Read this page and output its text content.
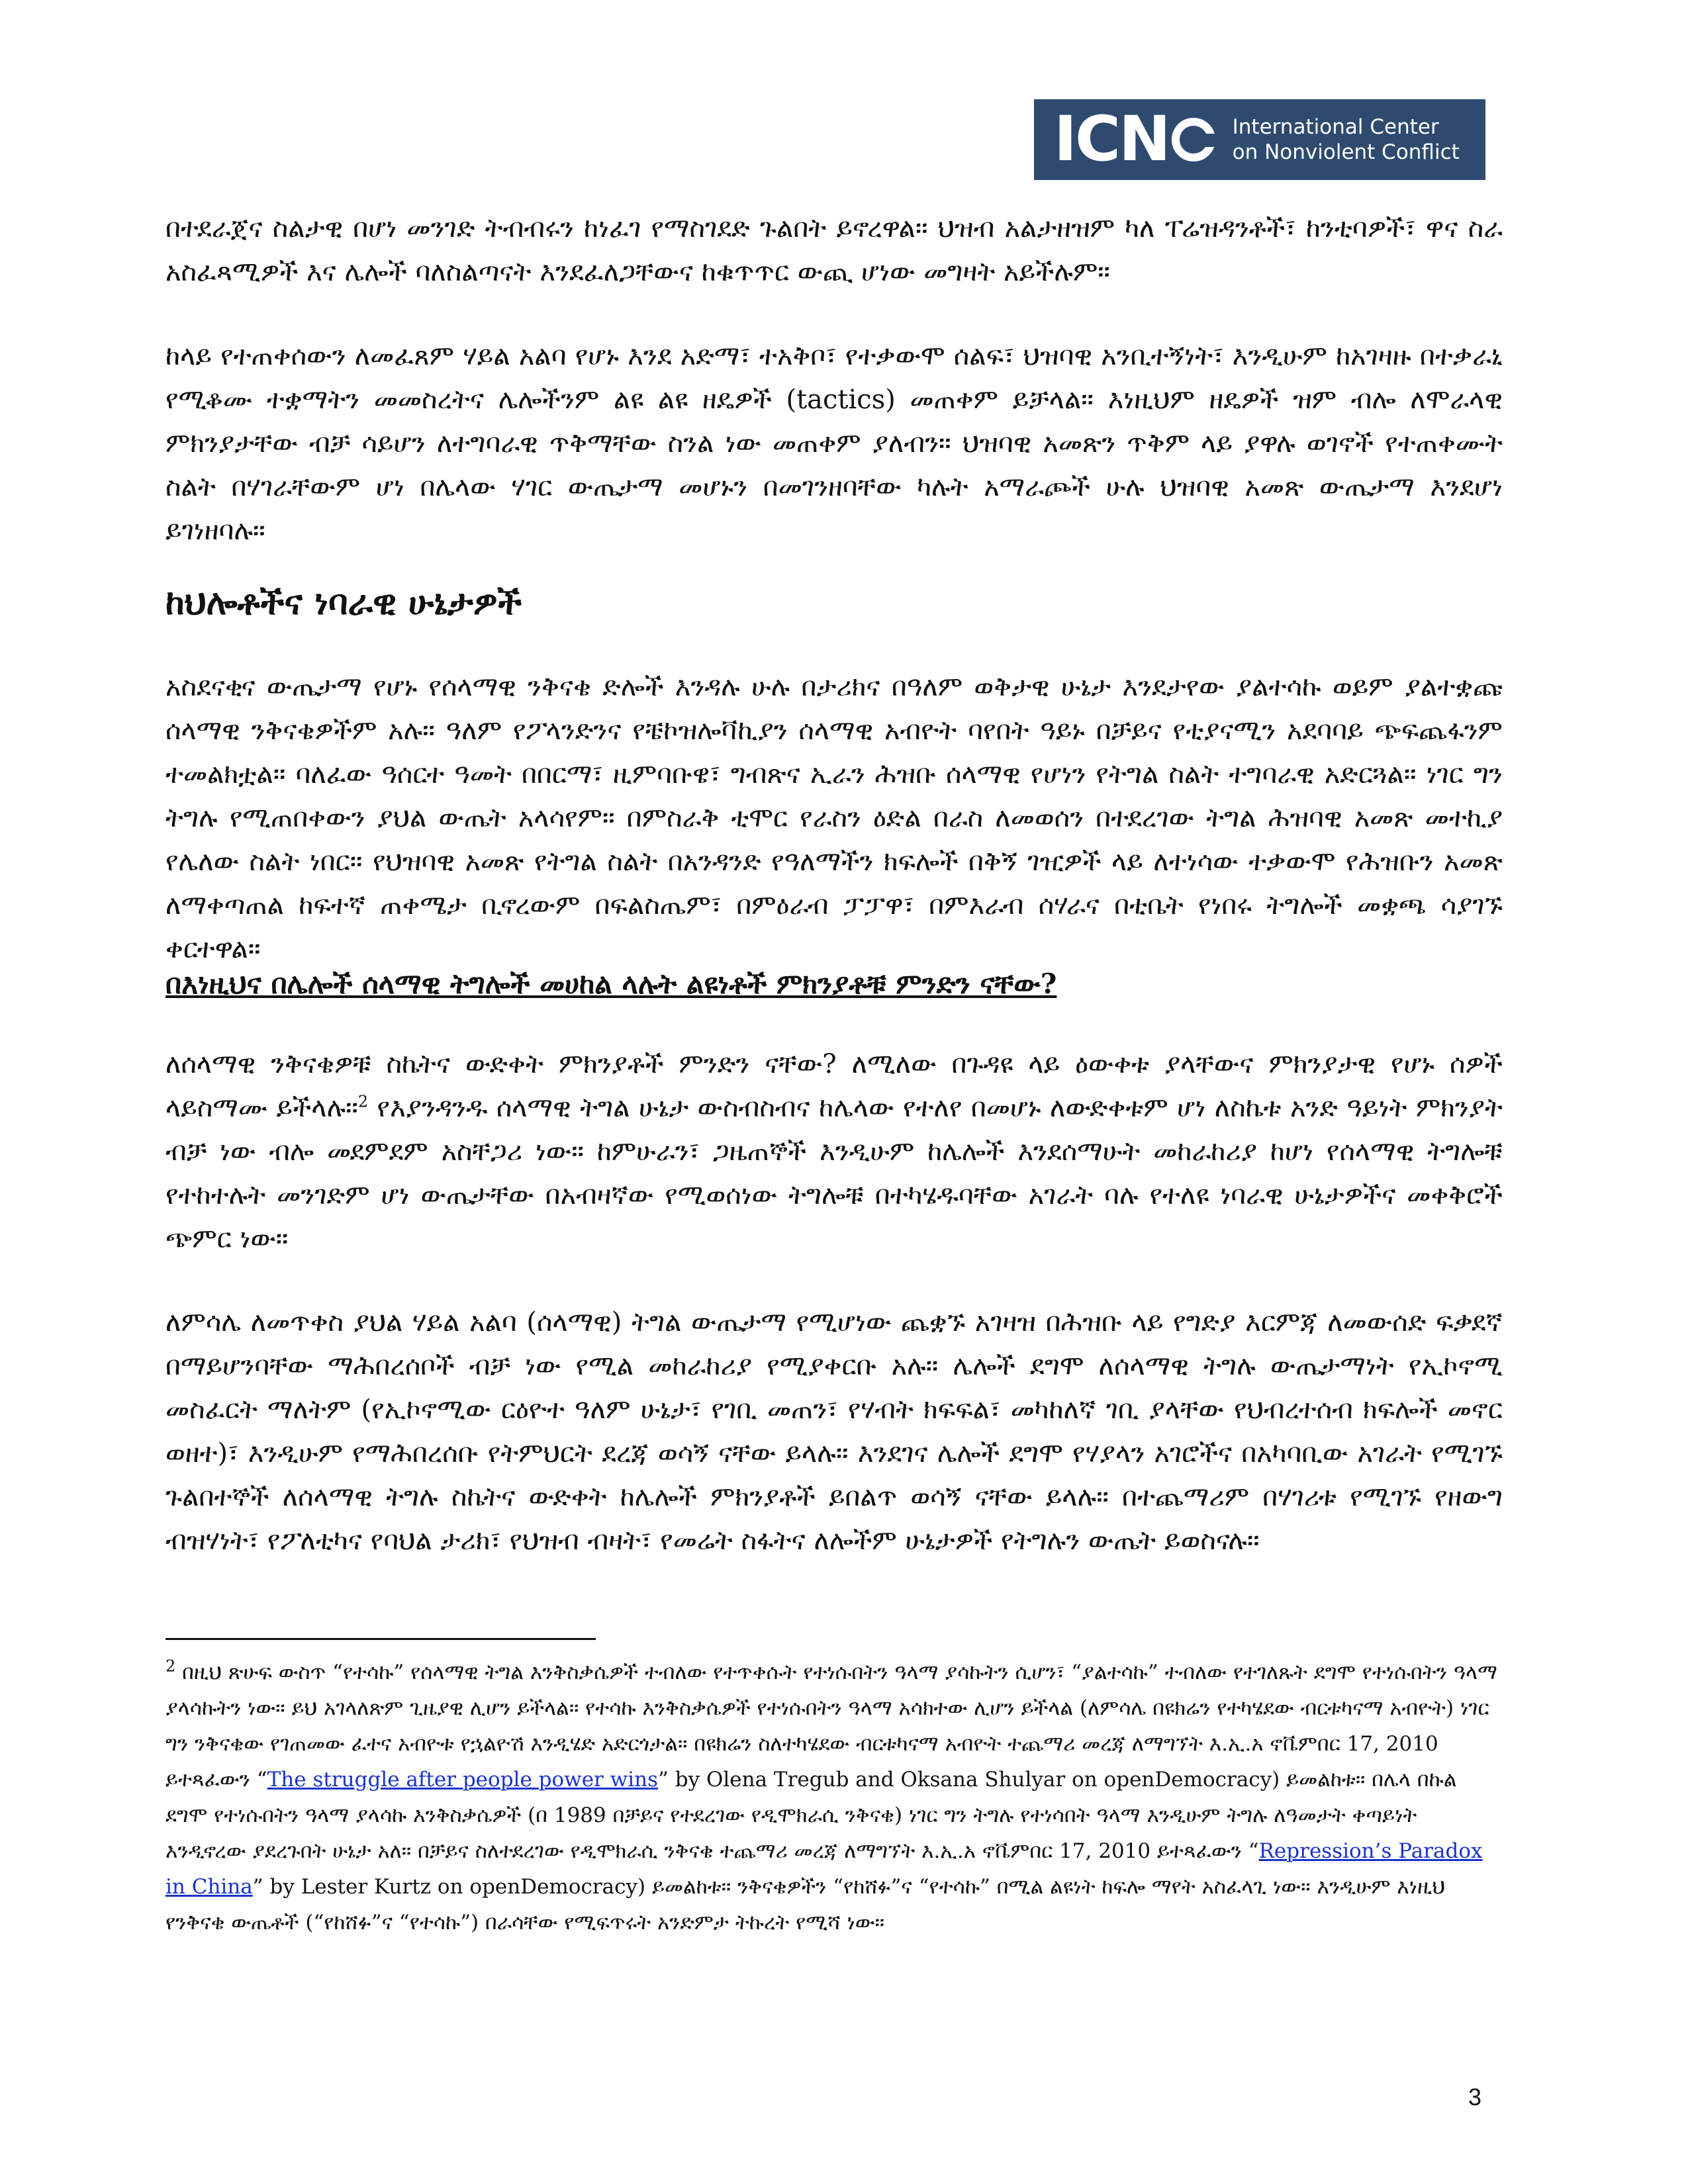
IC N	International Center
on Nonviolent Conflict

በተደራጀና ስልታዊ በሆነ መንገድ ትብብሩን ከነፈገ የማስገደድ ጉልበት ይኖረዋል። ህዝብ አልታዘዝም ካለ ፐሬዝዳንቶች፣ ከንቲባዎች፣ ዋና ስራ አስፈጻሚዎች እና ሌሎች ባለስልጣናት እንደፈለጋቸውና ከቁጥጥር ውጪ ሆነው መግዛት አይችሉም።

ከላይ የተጠቀሰውን ለመፈጸም ሃይል አልባ የሆኑ እንደ አድማ፣ ተአቅቦ፣ የተቃውሞ ሰልፍ፣ ህዝባዊ አንቢተኝነት፣ እንዲሁም ከአገዛዙ በተቃራኒ የሚቆሙ ተቋማትን መመስረትና ሌሎችንም ልዩ ልዩ ዘዴዎች (tactics) መጠቀም ይቻላል። እነዚህም ዘዴዎች ዝም ብሎ ለሞራላዊ ምክንያታቸው ብቻ ሳይሆን ለተግባራዊ ጥቅማቸው ስንል ነው መጠቀም ያለብን። ህዝባዊ አመጽን ጥቅም ላይ ያዋሉ ወገኖች የተጠቀሙት ስልት በሃገራቸውም ሆነ በሌላው ሃገር ውጤታማ መሆኑን በመገንዘባቸው ካሉት አማራጮች ሁሉ ህዝባዊ አመጽ ውጤታማ እንደሆነ ይገነዘባሉ።

ከህሎቶችና ነባራዊ ሁኔታዎች

አስደናቂና ውጤታማ የሆኑ የሰላማዊ ንቅናቄ ድሎች እንዳሉ ሁሉ በታሪክና በዓለም ወቅታዊ ሁኔታ እንደታየው ያልተሳኩ ወይም ያልተቋጩ ሰላማዊ ንቅናቄዎችም አሉ። ዓለም የፖላንድንና የቼኮዝሎቫኪያን ሰላማዊ አብዮት ባየበት ዓይኑ በቻይና የቲያናሚን አደባባይ ጭፍጨፋንም ተመልክቷል። ባለፈው ዓሰርተ ዓመት በበርማ፣ ዚምባቡዌ፣ ግብጽና ኢራን ሕዝቡ ሰላማዊ የሆነን የትግል ስልት ተግባራዊ አድርጓል። ነገር ግን ትግሉ የሚጠበቀውን ያህል ውጤት አላሳየም። በምስራቅ ቲሞር የራስን ዕድል በራስ ለመወሰን በተደረገው ትግል ሕዝባዊ አመጽ መተኪያ የሌለው ስልት ነበር። የህዝባዊ አመጽ የትግል ስልት በአንዳንድ የዓለማችን ክፍሎች በቅኝ ገዢዎች ላይ ለተነሳው ተቃውሞ የሕዝቡን አመጽ ለማቀጣጠል ከፍተኛ ጠቀሜታ ቢኖረውም በፍልስጤም፣ በምዕራብ ፓፓዋ፣ በምእራብ ሰሃራና በቲቤት የነበሩ ትግሎች መቋጫ ሳያገኙ ቀርተዋል።

በእነዚህና በሌሎች ሰላማዊ ትግሎች መሀከል ላሉት ልዩነቶች ምክንያቶቹ ምንድን ናቸው?

ለሰላማዊ ንቅናቄዎቹ ስኬትና ውድቀት ምክንያቶች ምንድን ናቸው? ለሚለው በጉዳዩ ላይ ዕውቀቱ ያላቸውና ምክንያታዊ የሆኑ ሰዎች ላይስማሙ ይችላሉ።$^2$ የእያንዳንዱ ሰላማዊ ትግል ሁኔታ ውስብስብና ከሌላው የተለየ በመሆኑ ለውድቀቱም ሆነ ለስኬቱ አንድ ዓይነት ምክንያት ብቻ ነው ብሎ መደምደም አስቸጋሪ ነው። ከምሁራን፣ ጋዜጠኞች እንዲሁም ከሌሎች እንደሰማሁት መከራከሪያ ከሆነ የሰላማዊ ትግሎቹ የተከተሉት መንገድም ሆነ ውጤታቸው በአብዛኛው የሚወሰነው ትግሎቹ በተካሄዱባቸው አገራት ባሉ የተለዩ ነባራዊ ሁኔታዎችና መቀቅሮች ጭምር ነው።

ለምሳሌ ለመጥቀስ ያህል ሃይል አልባ (ሰላማዊ) ትግል ውጤታማ የሚሆነው ጨቋኙ አገዛዝ በሕዝቡ ላይ የግድያ እርምጃ ለመውሰድ ፍቃደኛ በማይሆንባቸው ማሕበረሰቦች ብቻ ነው የሚል መከራከሪያ የሚያቀርቡ አሉ። ሌሎች ደግሞ ለሰላማዊ ትግሉ ውጤታማነት የኢኮኖሚ መስፈርት ማለትም (የኢኮኖሚው ርዕዮተ ዓለም ሁኔታ፣ የገቢ መጠን፣ የሃብት ክፍፍል፣ መካከለኛ ገቢ ያላቸው የህብረተሰብ ክፍሎች መኖር ወዘተ)፣ እንዲሁም የማሕበረሰቡ የትምህርት ደረጃ ወሳኝ ናቸው ይላሉ። እንደገና ሌሎች ደግሞ የሃያላን አገሮችና በአካባቢው አገራት የሚገኙ ጉልበተኞች ለሰላማዊ ትግሉ ስኬትና ውድቀት ከሌሎች ምክንያቶች ይበልጥ ወሳኝ ናቸው ይላሉ። በተጨማሪም በሃገሪቱ የሚገኙ የዘውግ ብዝሃነት፣ የፖለቲካና የባህል ታሪክ፣ የህዝብ ብዛት፣ የመሬት ስፋትና ለሎችም ሁኔታዎች የትግሉን ውጤት ይወስናሉ።

$^2$ በዚህ ጽሁፍ ውስጥ “የተሳኩ” የሰላማዊ ትግል እንቅስቃሴዎች ተብለው የተጥቀሱት የተነሱበትን ዓላማ ያሳኩትን ሲሆን፣ “ያልተሳኩ” ተብለው የተገለጹት ደግሞ የተነሱበትን ዓላማ ያላሳኩትን ነው። ይህ አገላለጽም ጊዜያዊ ሊሆን ይችላል። የተሳኩ እንቅስቃሴዎች የተነሱበትን ዓላማ አሳክተው ሊሆን ይችላል (ለምሳሌ በዩክሬን የተካሄደው ብርቱካናማ አብዮት) ነገር ግን ንቅናቄው የገጠመው ፈተና አብዮቱ የኋልዮሽ እንዲሄድ አድርጎታል። በዩክሬን ስለተካሄደው ብርቱካናማ አብዮት ተጨማሪ መረጃ ለማግኘት እ.ኢ.አ ኖቬምበር 17, 2010 ይተጻፈውን “The struggle after people power wins” by Olena Tregub and Oksana Shulyar on openDemocracy) ይመልከቱ። በሌላ በኩል ደግሞ የተነሱበትን ዓላማ ያላሳኩ እንቅስቃሴዎች (በ 1989 በቻይና የተደረገው የዲሞክራሲ ንቅናቄ) ነገር ግን ትግሉ የተነሳበት ዓላማ እንዲሁም ትግሉ ለዓመታት ቀጣይነት እንዲኖረው ያደረጉበት ሁኔታ አለ። በቻይና ስለተደረገው የዲሞክራሲ ንቅናቄ ተጨማሪ መረጃ ለማግኘት እ.ኢ.አ ኖቬምበር 17, 2010 ይተጻፈውን “Repression’s Paradox in China” by Lester Kurtz on openDemocracy) ይመልከቱ። ንቅናቄዎችን “የከሸፉ”ና “የተሳኩ” በሚል ልዩነት ከፍሎ ማየት አስፈላጊ ነው። እንዲሁም እነዚህ የንቅናቄ ውጤቶች (“የከሸፉ”ና “የተሳኩ”) በራሳቸው የሚፍጥሩት አንድምታ ትኩረት የሚሻ ነው።

3
